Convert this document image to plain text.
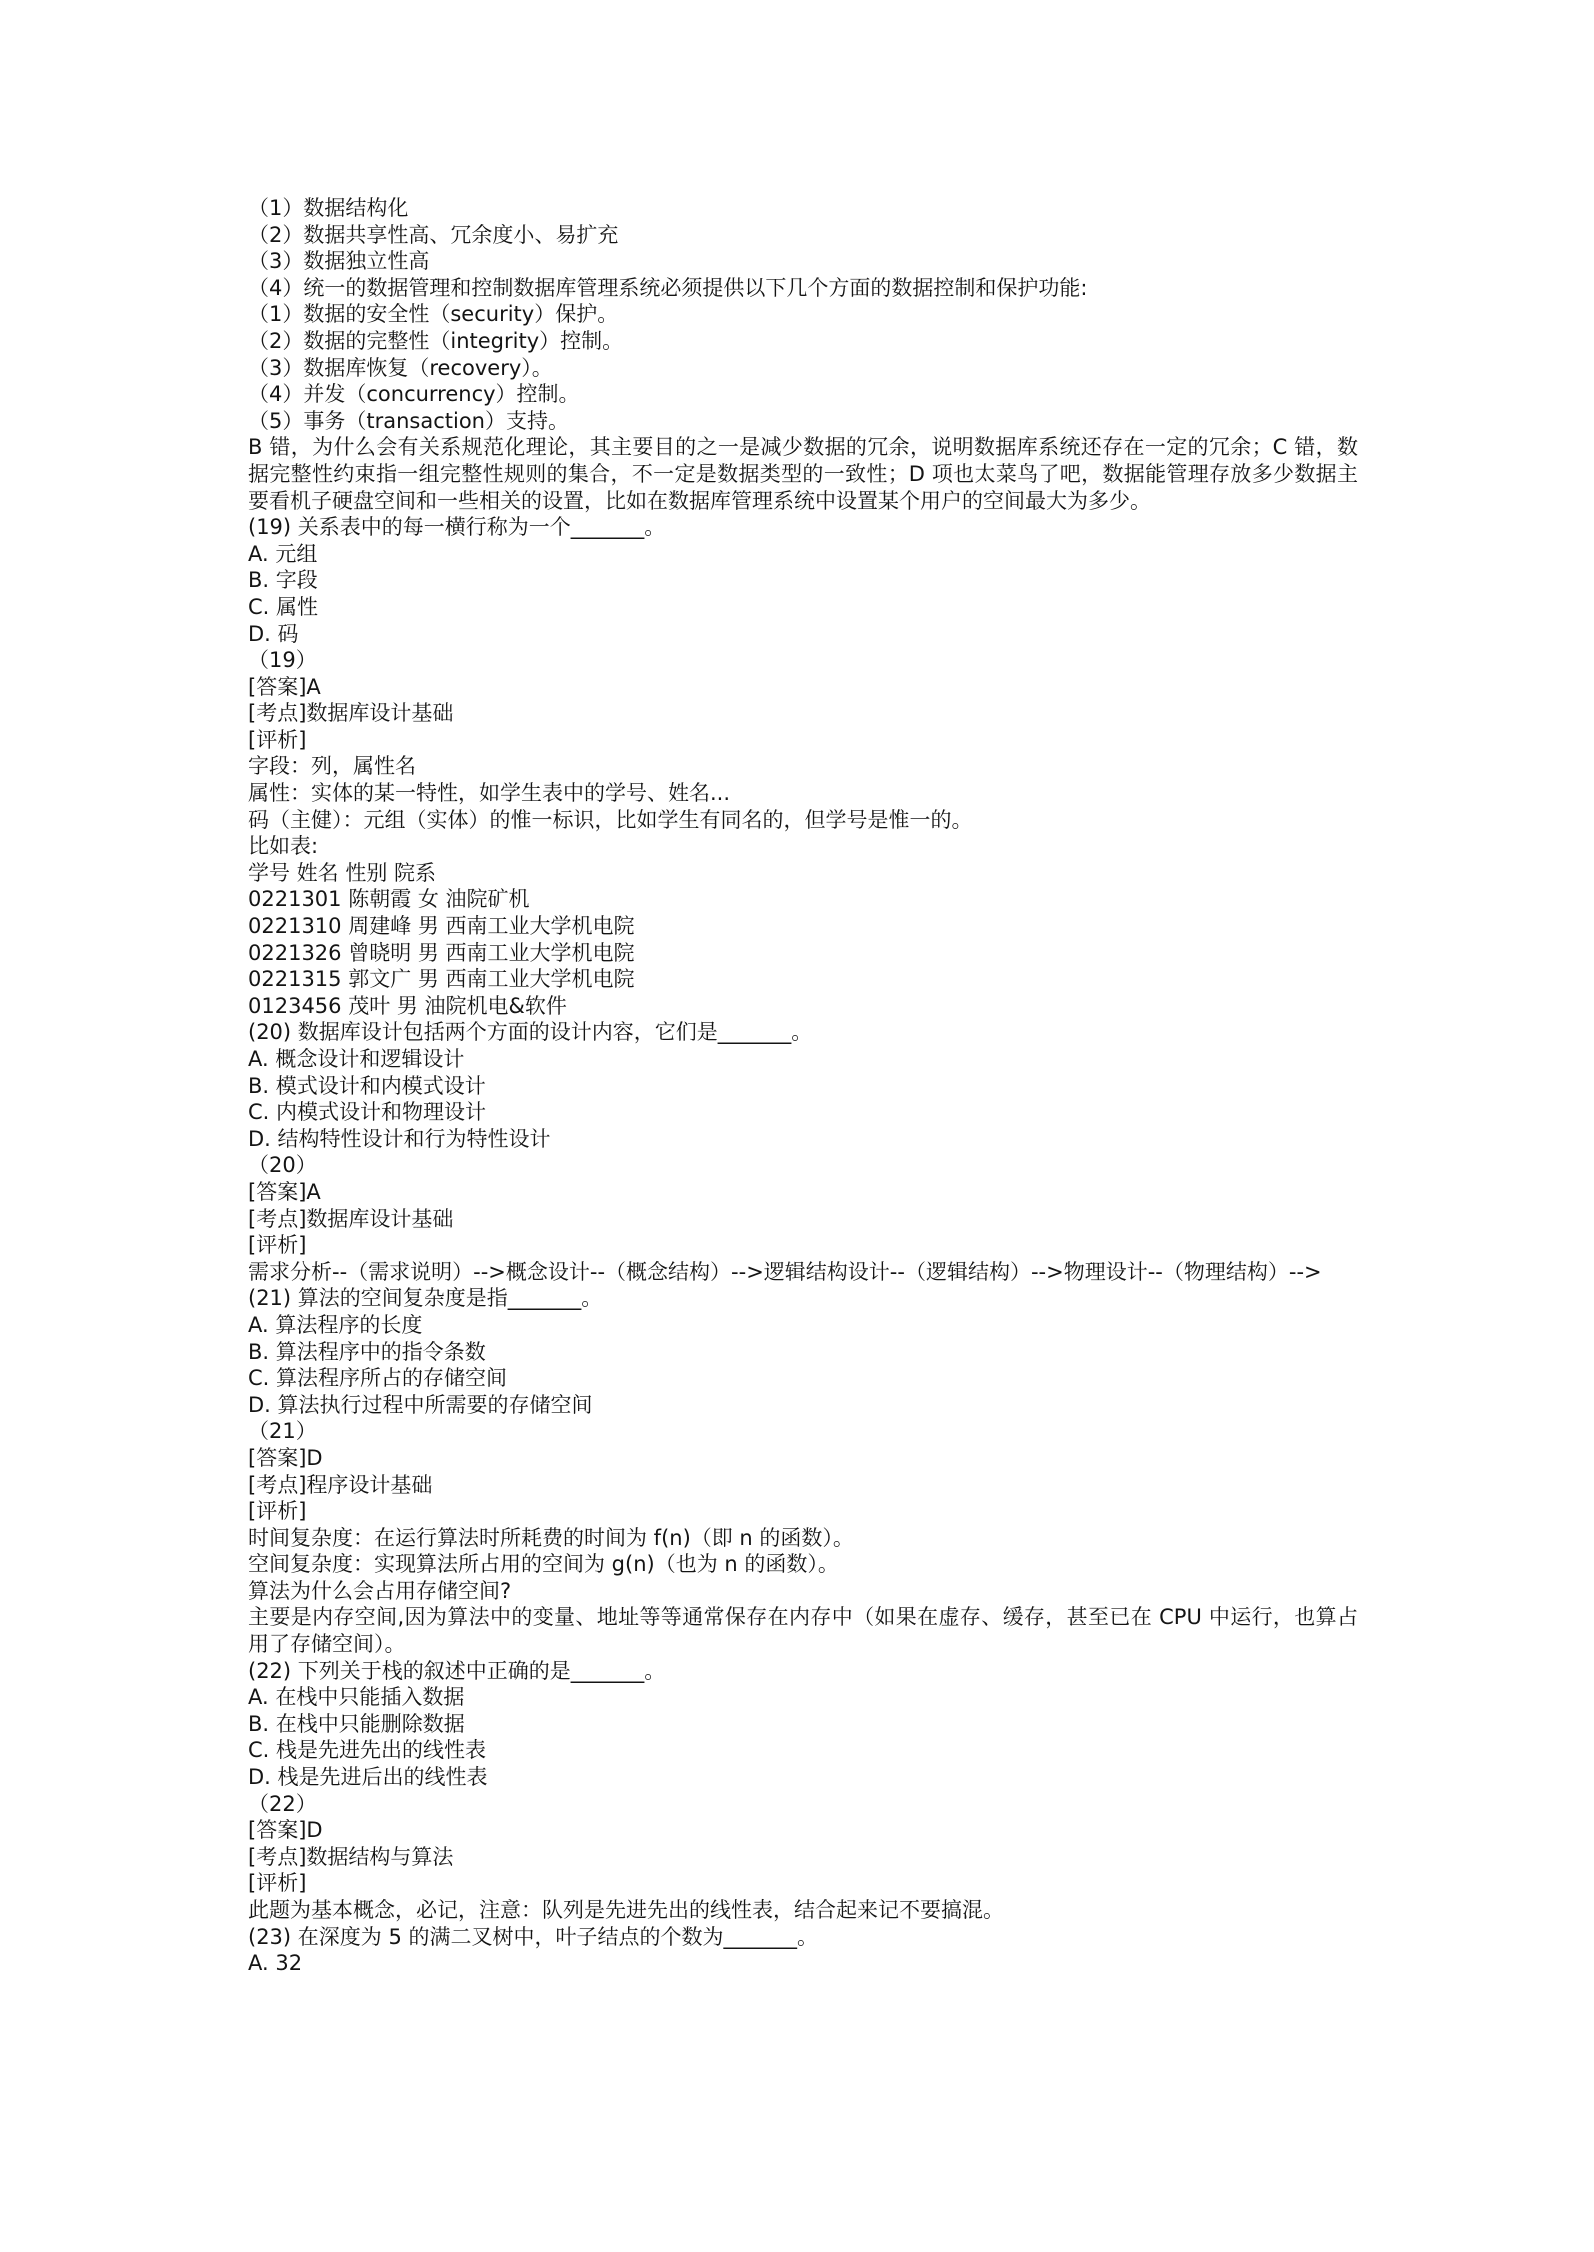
（1）数据结构化
（2）数据共享性高、冗余度小、易扩充
（3）数据独立性高
（4）统一的数据管理和控制数据库管理系统必须提供以下几个方面的数据控制和保护功能:
（1）数据的安全性（security）保护。
（2）数据的完整性（integrity）控制。
（3）数据库恢复（recovery）。
（4）并发（concurrency）控制。
（5）事务（transaction）支持。
B 错，为什么会有关系规范化理论，其主要目的之一是减少数据的冗余，说明数据库系统还存在一定的冗余；C 错，数据完整性约束指一组完整性规则的集合，不一定是数据类型的一致性；D 项也太菜鸟了吧，数据能管理存放多少数据主要看机子硬盘空间和一些相关的设置，比如在数据库管理系统中设置某个用户的空间最大为多少。
(19) 关系表中的每一横行称为一个_______。
A. 元组
B. 字段
C. 属性
D. 码
（19）
[答案]A
[考点]数据库设计基础
[评析]
字段：列，属性名
属性：实体的某一特性，如学生表中的学号、姓名...
码（主健）：元组（实体）的惟一标识，比如学生有同名的，但学号是惟一的。
比如表:
学号 姓名 性别 院系
0221301 陈朝霞 女 油院矿机
0221310 周建峰 男 西南工业大学机电院
0221326 曾晓明 男 西南工业大学机电院
0221315 郭文广 男 西南工业大学机电院
0123456 茂叶 男 油院机电&软件
(20) 数据库设计包括两个方面的设计内容，它们是_______。
A. 概念设计和逻辑设计
B. 模式设计和内模式设计
C. 内模式设计和物理设计
D. 结构特性设计和行为特性设计
（20）
[答案]A
[考点]数据库设计基础
[评析]
需求分析--（需求说明）-->概念设计--（概念结构）-->逻辑结构设计--（逻辑结构）-->物理设计--（物理结构）-->
(21) 算法的空间复杂度是指_______。
A. 算法程序的长度
B. 算法程序中的指令条数
C. 算法程序所占的存储空间
D. 算法执行过程中所需要的存储空间
（21）
[答案]D
[考点]程序设计基础
[评析]
时间复杂度：在运行算法时所耗费的时间为 f(n)（即 n 的函数）。
空间复杂度：实现算法所占用的空间为 g(n)（也为 n 的函数）。
算法为什么会占用存储空间?
主要是内存空间,因为算法中的变量、地址等等通常保存在内存中（如果在虚存、缓存，甚至已在 CPU 中运行，也算占用了存储空间）。
(22) 下列关于栈的叙述中正确的是_______。
A. 在栈中只能插入数据
B. 在栈中只能删除数据
C. 栈是先进先出的线性表
D. 栈是先进后出的线性表
（22）
[答案]D
[考点]数据结构与算法
[评析]
此题为基本概念，必记，注意：队列是先进先出的线性表，结合起来记不要搞混。
(23) 在深度为 5 的满二叉树中，叶子结点的个数为_______。
A. 32
